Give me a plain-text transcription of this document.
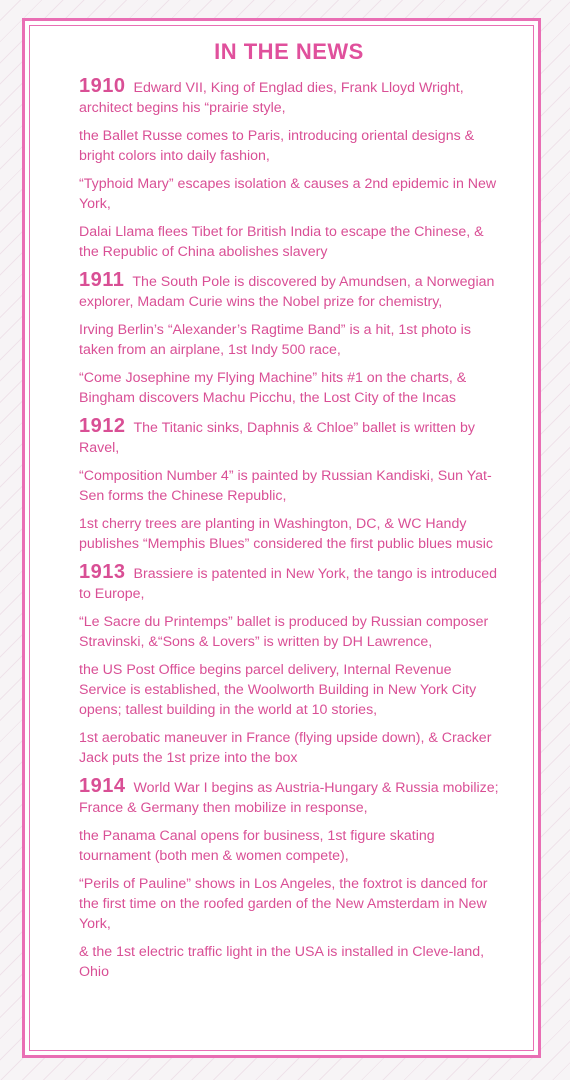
IN THE NEWS

1910 Edward VII, King of Englad dies, Frank Lloyd Wright, architect begins his “prairie style,

the Ballet Russe comes to Paris, introducing oriental designs & bright colors into daily fashion,

“Typhoid Mary” escapes isolation & causes a 2nd epidemic in New York,

Dalai Llama flees Tibet for British India to escape the Chinese, & the Republic of China abolishes slavery

1911 The South Pole is discovered by Amundsen, a Norwegian explorer, Madam Curie wins the Nobel prize for chemistry,

Irving Berlin’s “Alexander’s Ragtime Band” is a hit, 1st photo is taken from an airplane, 1st Indy 500 race,

“Come Josephine my Flying Machine” hits #1 on the charts, & Bingham discovers Machu Picchu, the Lost City of the Incas

1912 The Titanic sinks, Daphnis & Chloe” ballet is written by Ravel,

“Composition Number 4” is painted by Russian Kandiski, Sun Yat-Sen forms the Chinese Republic,

1st cherry trees are planting in Washington, DC, & WC Handy publishes “Memphis Blues” considered the first public blues music

1913 Brassiere is patented in New York, the tango is introduced to Europe,

“Le Sacre du Printemps” ballet is produced by Russian composer Stravinski, &“Sons & Lovers” is written by DH Lawrence,

the US Post Office begins parcel delivery, Internal Revenue Service is established, the Woolworth Building in New York City opens; tallest building in the world at 10 stories,

1st aerobatic maneuver in France (flying upside down), & Cracker Jack puts the 1st prize into the box

1914 World War I begins as Austria-Hungary & Russia mobilize; France & Germany then mobilize in response,

the Panama Canal opens for business, 1st figure skating tournament (both men & women compete),

“Perils of Pauline” shows in Los Angeles, the foxtrot is danced for the first time on the roofed garden of the New Amsterdam in New York,

& the 1st electric traffic light in the USA is installed in Cleve-land, Ohio
